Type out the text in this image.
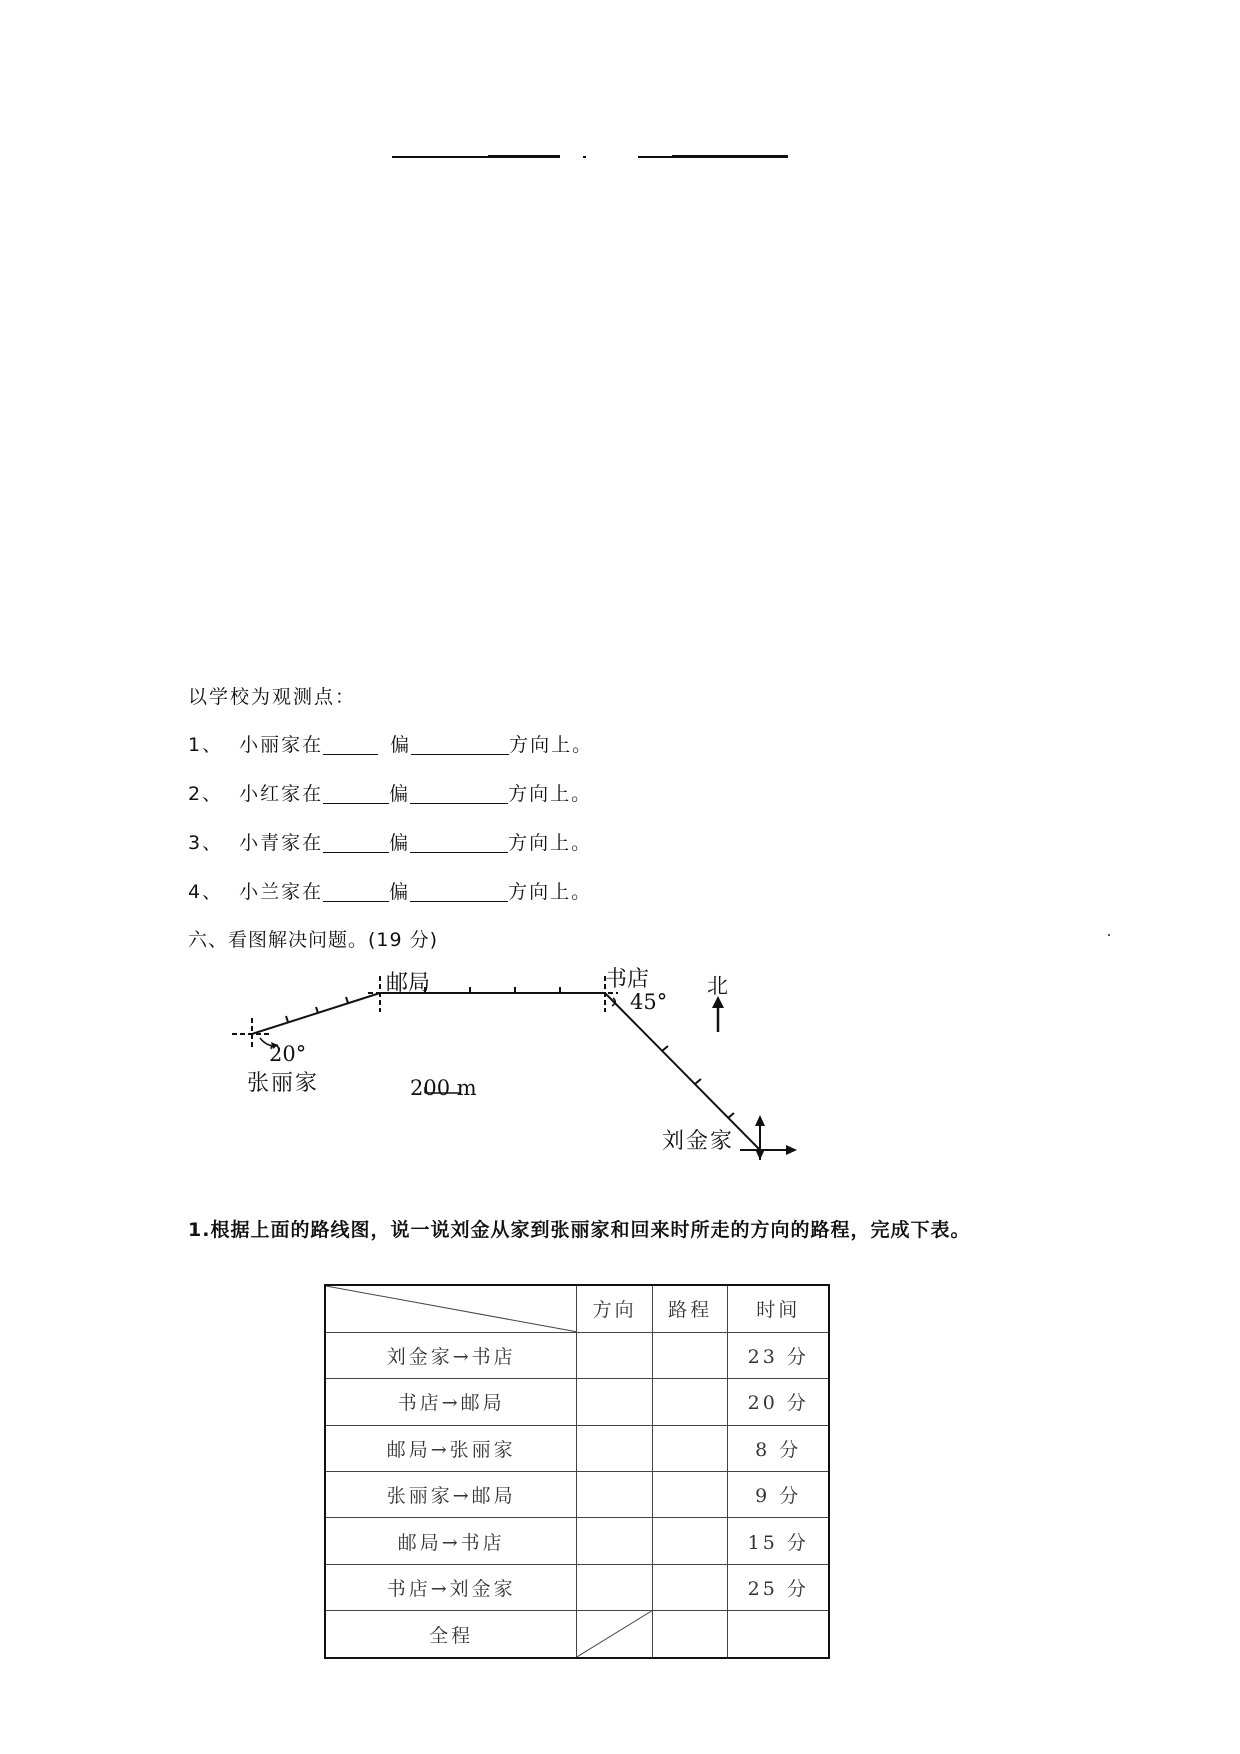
以学校为观测点：
1、 小丽家在	偏	方向上。
2、 小红家在	偏	方向上。
3、 小青家在	偏	方向上。
4、 小兰家在	偏	方向上。
六、看图解决问题。(19 分)
邮局	书店
45°
北
20°
张丽家	200 m
刘金家
1.根据上面的路线图，说一说刘金从家到张丽家和回来时所走的方向的路程，完成下表。

	方向	路程	时间
刘金家→书店			23 分
书店→邮局			20 分
邮局→张丽家			8 分
张丽家→邮局			9 分
邮局→书店			15 分
书店→刘金家			25 分
全程	
